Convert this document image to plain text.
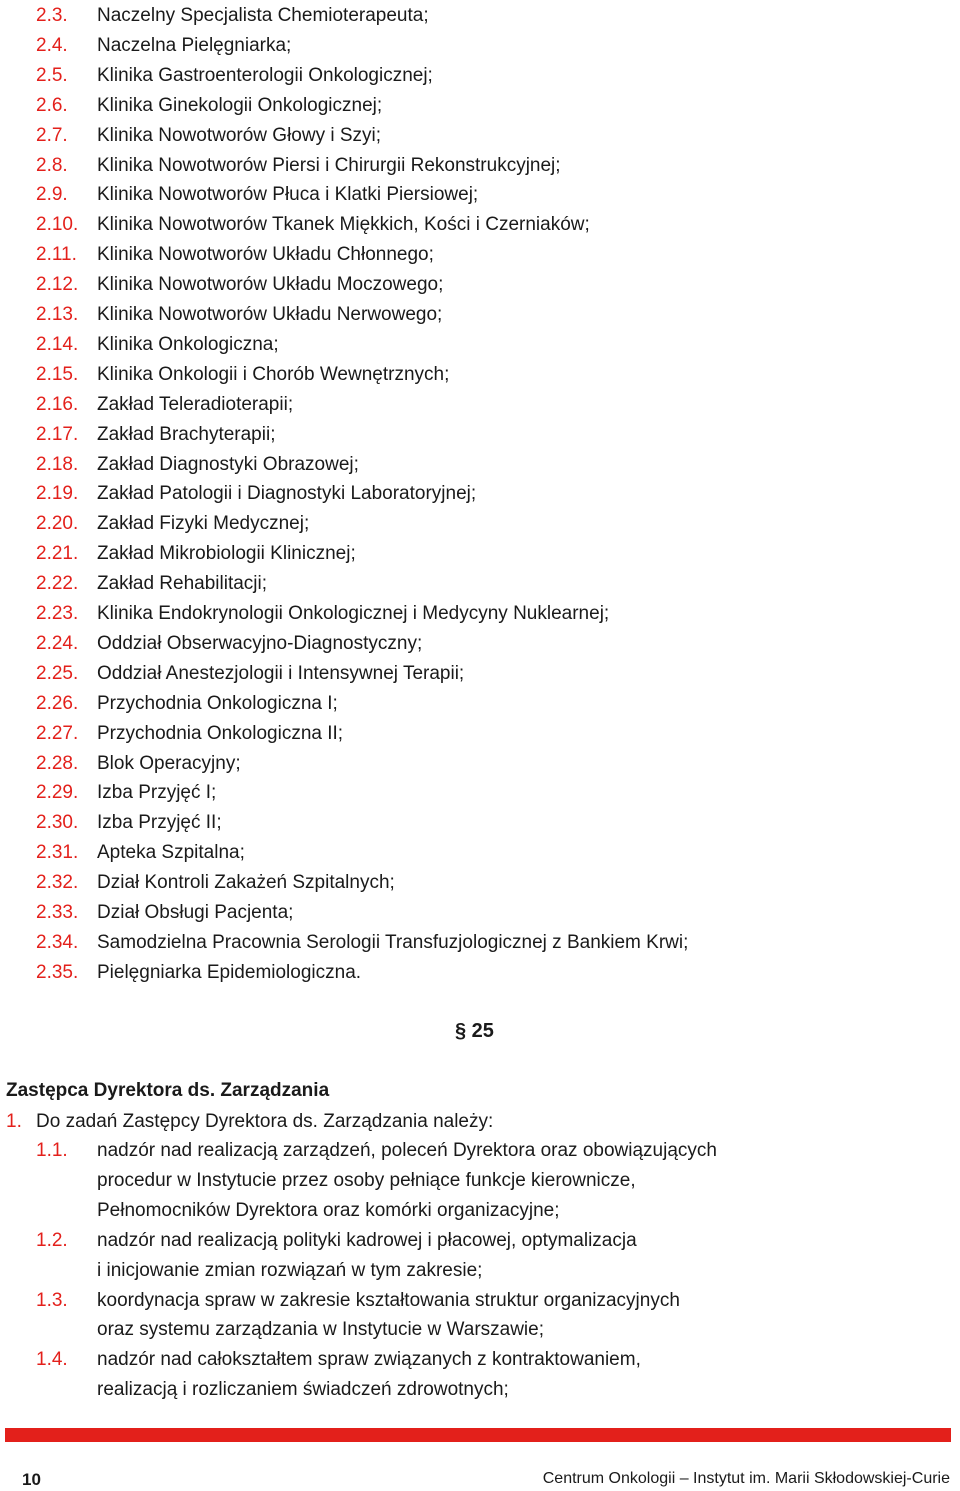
2.3. Naczelny Specjalista Chemioterapeuta;
2.4. Naczelna Pielęgniarka;
2.5. Klinika Gastroenterologii Onkologicznej;
2.6. Klinika Ginekologii Onkologicznej;
2.7. Klinika Nowotworów Głowy i Szyi;
2.8. Klinika Nowotworów Piersi i Chirurgii Rekonstrukcyjnej;
2.9. Klinika Nowotworów Płuca i Klatki Piersiowej;
2.10. Klinika Nowotworów Tkanek Miękkich, Kości i Czerniaków;
2.11. Klinika Nowotworów Układu Chłonnego;
2.12. Klinika Nowotworów Układu Moczowego;
2.13. Klinika Nowotworów Układu Nerwowego;
2.14. Klinika Onkologiczna;
2.15. Klinika Onkologii i Chorób Wewnętrznych;
2.16. Zakład Teleradioterapii;
2.17. Zakład Brachyterapii;
2.18. Zakład Diagnostyki Obrazowej;
2.19. Zakład Patologii i Diagnostyki Laboratoryjnej;
2.20. Zakład Fizyki Medycznej;
2.21. Zakład Mikrobiologii Klinicznej;
2.22. Zakład Rehabilitacji;
2.23. Klinika Endokrynologii Onkologicznej i Medycyny Nuklearnej;
2.24. Oddział Obserwacyjno-Diagnostyczny;
2.25. Oddział Anestezjologii i Intensywnej Terapii;
2.26. Przychodnia Onkologiczna I;
2.27. Przychodnia Onkologiczna II;
2.28. Blok Operacyjny;
2.29. Izba Przyjęć I;
2.30. Izba Przyjęć II;
2.31. Apteka Szpitalna;
2.32. Dział Kontroli Zakażeń Szpitalnych;
2.33. Dział Obsługi Pacjenta;
2.34. Samodzielna Pracownia Serologii Transfuzjologicznej z Bankiem Krwi;
2.35. Pielęgniarka Epidemiologiczna.
§ 25
Zastępca Dyrektora ds. Zarządzania
1. Do zadań Zastępcy Dyrektora ds. Zarządzania należy:
1.1. nadzór nad realizacją zarządzeń, poleceń Dyrektora oraz obowiązujących
procedur w Instytucie przez osoby pełniące funkcje kierownicze,
Pełnomocników Dyrektora oraz komórki organizacyjne;
1.2. nadzór nad realizacją polityki kadrowej i płacowej, optymalizacja
i inicjowanie zmian rozwiązań w tym zakresie;
1.3. koordynacja spraw w zakresie kształtowania struktur organizacyjnych
oraz systemu zarządzania w Instytucie w Warszawie;
1.4. nadzór nad całokształtem spraw związanych z kontraktowaniem,
realizacją i rozliczaniem świadczeń zdrowotnych;
10	Centrum Onkologii – Instytut im. Marii Skłodowskiej-Curie
